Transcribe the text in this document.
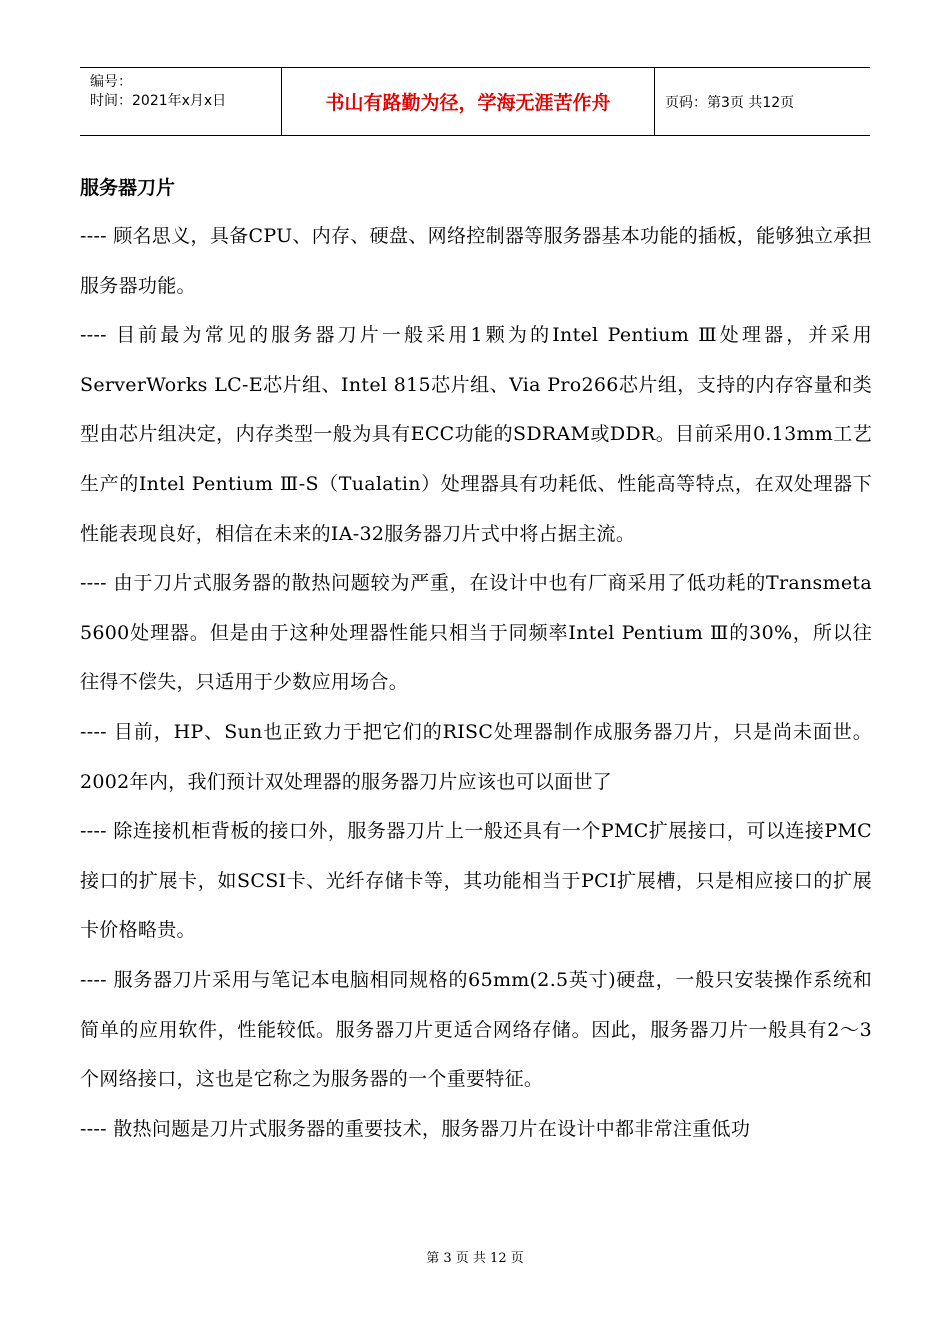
编号：
时间：2021年x月x日	书山有路勤为径，学海无涯苦作舟	页码：第3页 共12页
服务器刀片

---- 顾名思义，具备CPU、内存、硬盘、网络控制器等服务器基本功能的插板，能够独立承担服务器功能。

---- 目前最为常见的服务器刀片一般采用1颗为的Intel Pentium Ⅲ处理器，并采用ServerWorks LC-E芯片组、Intel 815芯片组、Via Pro266芯片组，支持的内存容量和类型由芯片组决定，内存类型一般为具有ECC功能的SDRAM或DDR。目前采用0.13mm工艺生产的Intel Pentium Ⅲ-S（Tualatin）处理器具有功耗低、性能高等特点，在双处理器下性能表现良好，相信在未来的IA-32服务器刀片式中将占据主流。

---- 由于刀片式服务器的散热问题较为严重，在设计中也有厂商采用了低功耗的Transmeta 5600处理器。但是由于这种处理器性能只相当于同频率Intel Pentium Ⅲ的30%，所以往往得不偿失，只适用于少数应用场合。

---- 目前，HP、Sun也正致力于把它们的RISC处理器制作成服务器刀片，只是尚未面世。2002年内，我们预计双处理器的服务器刀片应该也可以面世了

---- 除连接机柜背板的接口外，服务器刀片上一般还具有一个PMC扩展接口，可以连接PMC接口的扩展卡，如SCSI卡、光纤存储卡等，其功能相当于PCI扩展槽，只是相应接口的扩展卡价格略贵。

---- 服务器刀片采用与笔记本电脑相同规格的65mm(2.5英寸)硬盘，一般只安装操作系统和简单的应用软件，性能较低。服务器刀片更适合网络存储。因此，服务器刀片一般具有2～3个网络接口，这也是它称之为服务器的一个重要特征。

---- 散热问题是刀片式服务器的重要技术，服务器刀片在设计中都非常注重低功

第 3 页 共 12 页
